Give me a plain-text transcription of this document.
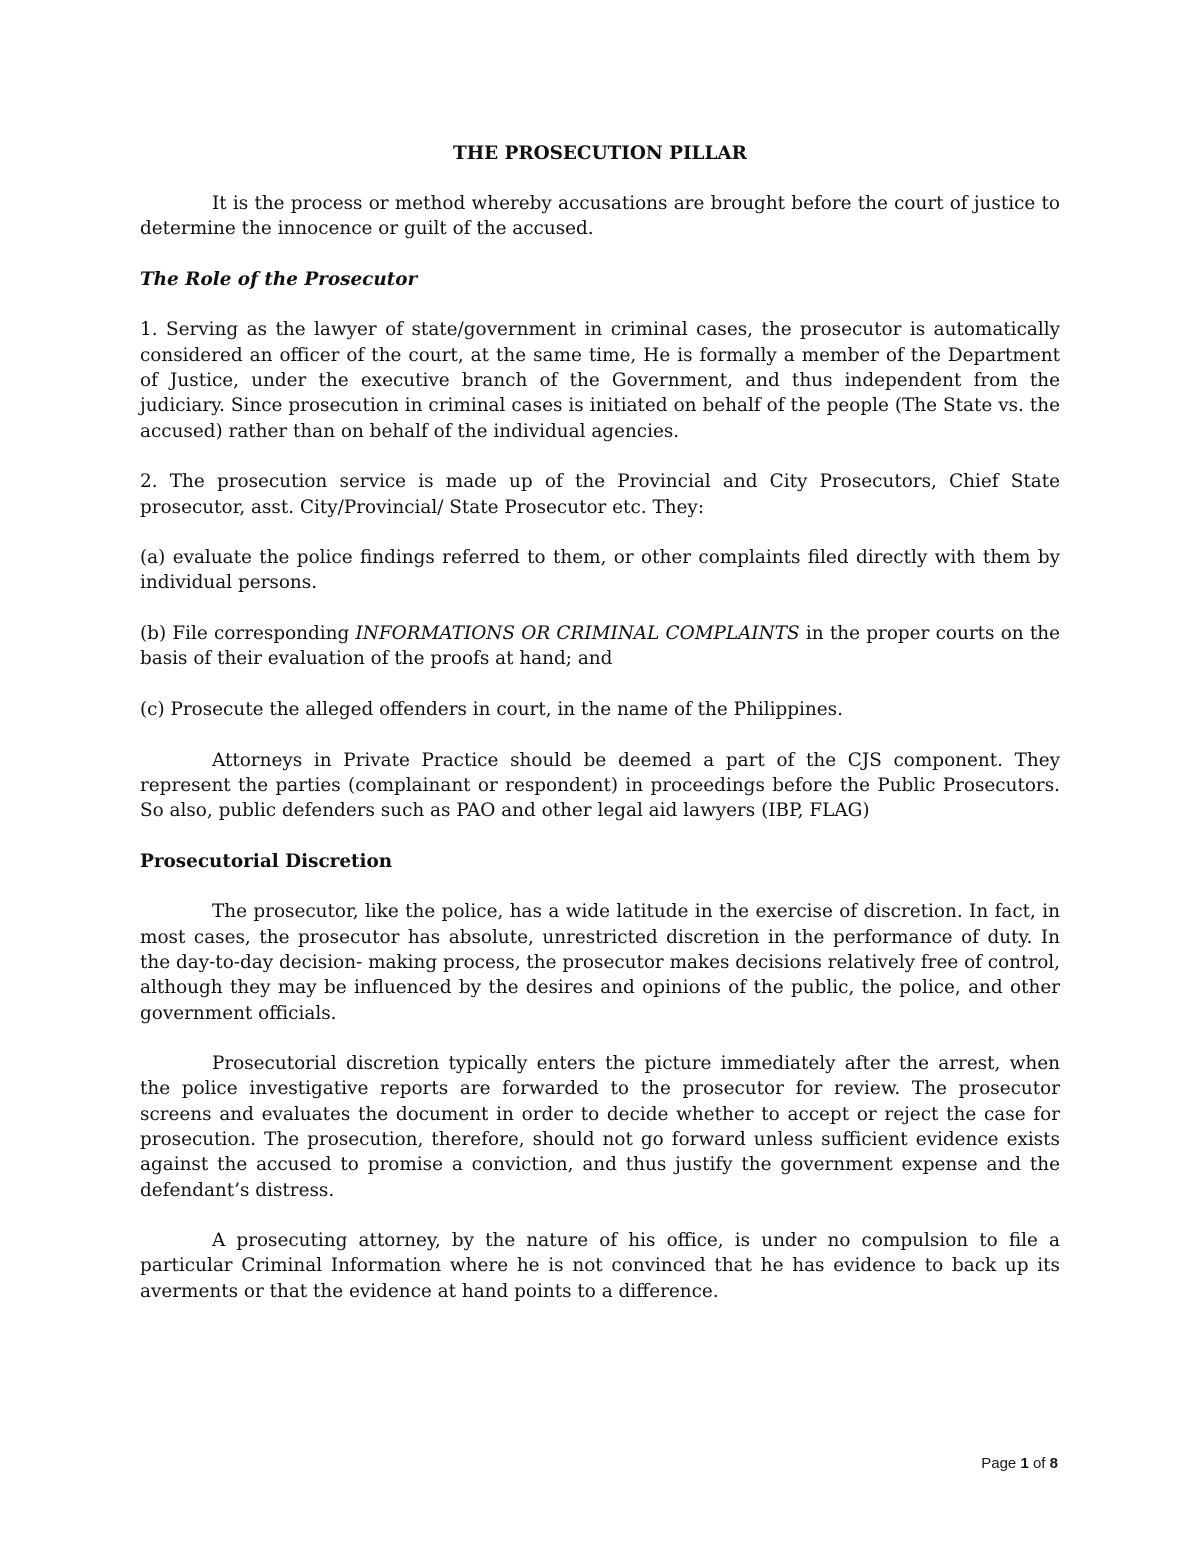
THE PROSECUTION PILLAR

It is the process or method whereby accusations are brought before the court of justice to determine the innocence or guilt of the accused.

The Role of the Prosecutor

1. Serving as the lawyer of state/government in criminal cases, the prosecutor is automatically considered an officer of the court, at the same time, He is formally a member of the Department of Justice, under the executive branch of the Government, and thus independent from the judiciary. Since prosecution in criminal cases is initiated on behalf of the people (The State vs. the accused) rather than on behalf of the individual agencies.

2. The prosecution service is made up of the Provincial and City Prosecutors, Chief State prosecutor, asst. City/Provincial/ State Prosecutor etc. They:

(a) evaluate the police findings referred to them, or other complaints filed directly with them by individual persons.

(b) File corresponding INFORMATIONS OR CRIMINAL COMPLAINTS in the proper courts on the basis of their evaluation of the proofs at hand; and

(c) Prosecute the alleged offenders in court, in the name of the Philippines.

Attorneys in Private Practice should be deemed a part of the CJS component. They represent the parties (complainant or respondent) in proceedings before the Public Prosecutors. So also, public defenders such as PAO and other legal aid lawyers (IBP, FLAG)

Prosecutorial Discretion

The prosecutor, like the police, has a wide latitude in the exercise of discretion. In fact, in most cases, the prosecutor has absolute, unrestricted discretion in the performance of duty. In the day-to-day decision- making process, the prosecutor makes decisions relatively free of control, although they may be influenced by the desires and opinions of the public, the police, and other government officials.

Prosecutorial discretion typically enters the picture immediately after the arrest, when the police investigative reports are forwarded to the prosecutor for review. The prosecutor screens and evaluates the document in order to decide whether to accept or reject the case for prosecution. The prosecution, therefore, should not go forward unless sufficient evidence exists against the accused to promise a conviction, and thus justify the government expense and the defendant’s distress.

A prosecuting attorney, by the nature of his office, is under no compulsion to file a particular Criminal Information where he is not convinced that he has evidence to back up its averments or that the evidence at hand points to a difference.

Page 1 of 8
